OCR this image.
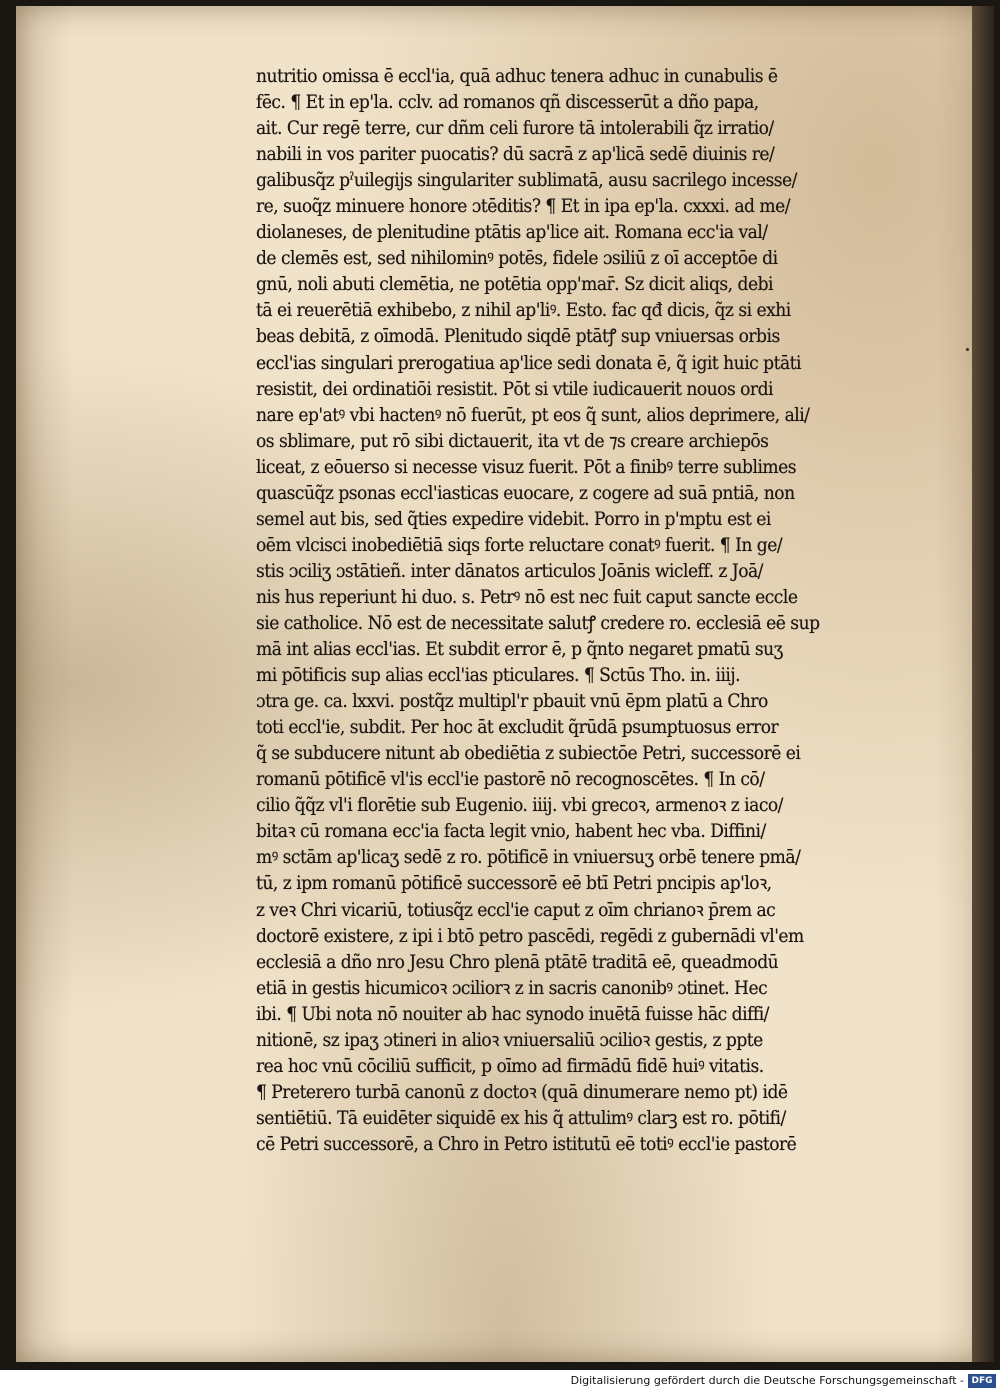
nutritio omissa ē eccl'ia, quā adhuc tenera adhuc in cunabulis ē
fēc. ¶ Et in ep'la. cclv. ad romanos qñ discesserūt a dño papa,
ait. Cur regē terre, cur dñm celi furore tā intolerabili q̃z irratio/
nabili in vos pariter puocatis? dū sacrā z ap'licā sedē diuinis re/
galibusq̃z pˀuilegijs singulariter sublimatā, ausu sacrilego incesse/
re, suoq̃z minuere honore ɔtēditis? ¶ Et in ipa ep'la. cxxxi. ad me/
diolaneses, de plenitudine ptātis ap'lice ait. Romana ecc'ia val/
de clemēs est, sed nihilominꝰ potēs, fidele ɔsiliū z oī acceptōe di
gnū, noli abuti clemētia, ne potētia opp'mar̄. Sz dicit aliqs, debi
tā ei reuerētiā exhibebo, z nihil ap'liꝰ. Esto. fac qđ dicis, q̃z si exhi
beas debitā, z oīmodā. Plenitudo siqdē ptātꝭ sup vniuersas orbis
eccl'ias singulari prerogatiua ap'lice sedi donata ē, q̃ igit huic ptāti
resistit, dei ordinatiōi resistit. Pōt si vtile iudicauerit nouos ordi
nare ep'atꝰ vbi hactenꝰ nō fuerūt, pt eos q̃ sunt, alios deprimere, ali/
os sblimare, put rō sibi dictauerit, ita vt de ⁊s creare archiepōs
liceat, z eōuerso si necesse visuz fuerit. Pōt a finibꝰ terre sublimes
quascūq̃z psonas eccl'iasticas euocare, z cogere ad suā pntiā, non
semel aut bis, sed q̃ties expedire videbit. Porro in p'mptu est ei
oēm vlcisci inobediētiā siqs forte reluctare conatꝰ fuerit. ¶ In ge/
stis ɔciliʒ ɔstātieñ. inter dānatos articulos Joānis wicleff. z Joā/
nis hus reperiunt hi duo. s. Petrꝰ nō est nec fuit caput sancte eccle
sie catholice. Nō est de necessitate salutꝭ credere ro. ecclesiā eē sup
mā int alias eccl'ias. Et subdit error ē, p q̃nto negaret pmatū suʒ
mi pōtificis sup alias eccl'ias pticulares. ¶ Sctūs Tho. in. iiij.
ɔtra ge. ca. lxxvi. postq̃z multipl'r pbauit vnū ēpm platū a Chro
toti eccl'ie, subdit. Per hoc āt excludit q̃rūdā psumptuosus error
q̃ se subducere nitunt ab obediētia z subiectōe Petri, successorē ei
romanū pōtificē vl'is eccl'ie pastorē nō recognoscētes. ¶ In cō/
cilio q̃q̃z vl'i florētie sub Eugenio. iiij. vbi grecoꝛ, armenoꝛ z iaco/
bitaꝛ cū romana ecc'ia facta legit vnio, habent hec vba. Diffini/
mꝰ sctām ap'licaʒ sedē z ro. pōtificē in vniuersuʒ orbē tenere pmā/
tū, z ipm romanū pōtificē successorē eē btī Petri pncipis ap'loꝛ,
z veꝛ Chri vicariū, totiusq̃z eccl'ie caput z oīm chrianoꝛ p̄rem ac
doctorē existere, z ipi i btō petro pascēdi, regēdi z gubernādi vl'em
ecclesiā a dño nro Jesu Chro plenā ptātē traditā eē, queadmodū
etiā in gestis hicumicoꝛ ɔciliorꝛ z in sacris canonibꝰ ɔtinet. Hec
ibi. ¶ Ubi nota nō nouiter ab hac synodo inuētā fuisse hāc diffi/
nitionē, sz ipaʒ ɔtineri in alioꝛ vniuersaliū ɔcilioꝛ gestis, z ppte
rea hoc vnū cōciliū sufficit, p oīmo ad firmādū fidē huiꝰ vitatis.
¶ Preterero turbā canonū z doctoꝛ (quā dinumerare nemo pt) idē
sentiētiū. Tā euidēter siquidē ex his q̃ attulimꝰ clarꝫ est ro. pōtifi/
cē Petri successorē, a Chro in Petro istitutū eē totiꝰ eccl'ie pastorē
Digitalisierung gefördert durch die Deutsche Forschungsgemeinschaft - DFG
